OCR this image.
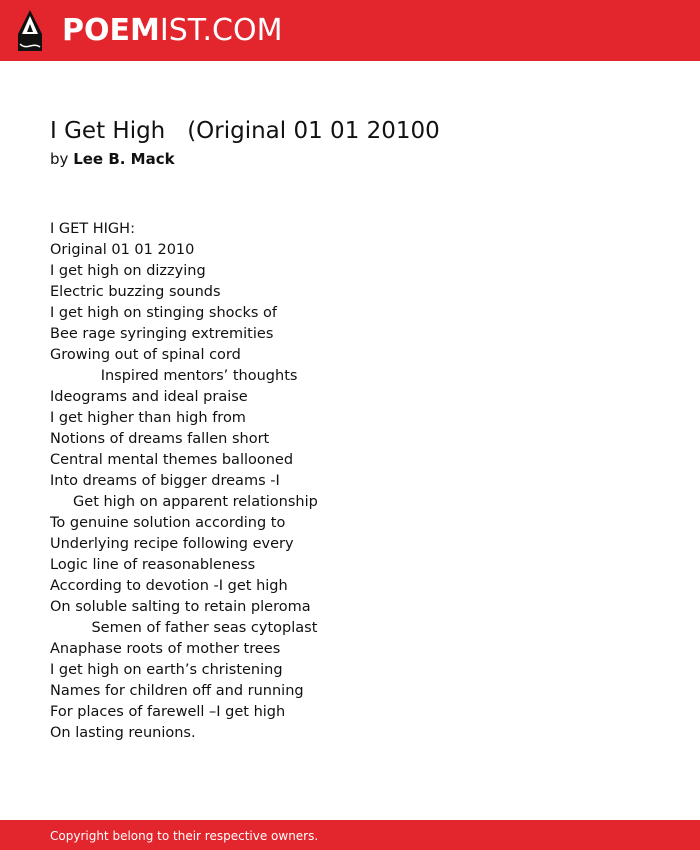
POEMIST.COM
I Get High   (Original 01 01 20100
by Lee B. Mack
I GET HIGH:
Original 01 01 2010
I get high on dizzying
Electric buzzing sounds
I get high on stinging shocks of
Bee rage syringing extremities
Growing out of spinal cord
Inspired mentors’ thoughts
Ideograms and ideal praise
I get higher than high from
Notions of dreams fallen short
Central mental themes ballooned
Into dreams of bigger dreams -I
Get high on apparent relationship
To genuine solution according to
Underlying recipe following every
Logic line of reasonableness
According to devotion -I get high
On soluble salting to retain pleroma
Semen of father seas cytoplast
Anaphase roots of mother trees
I get high on earth’s christening
Names for children off and running
For places of farewell –I get high
On lasting reunions.
Copyright belong to their respective owners.
